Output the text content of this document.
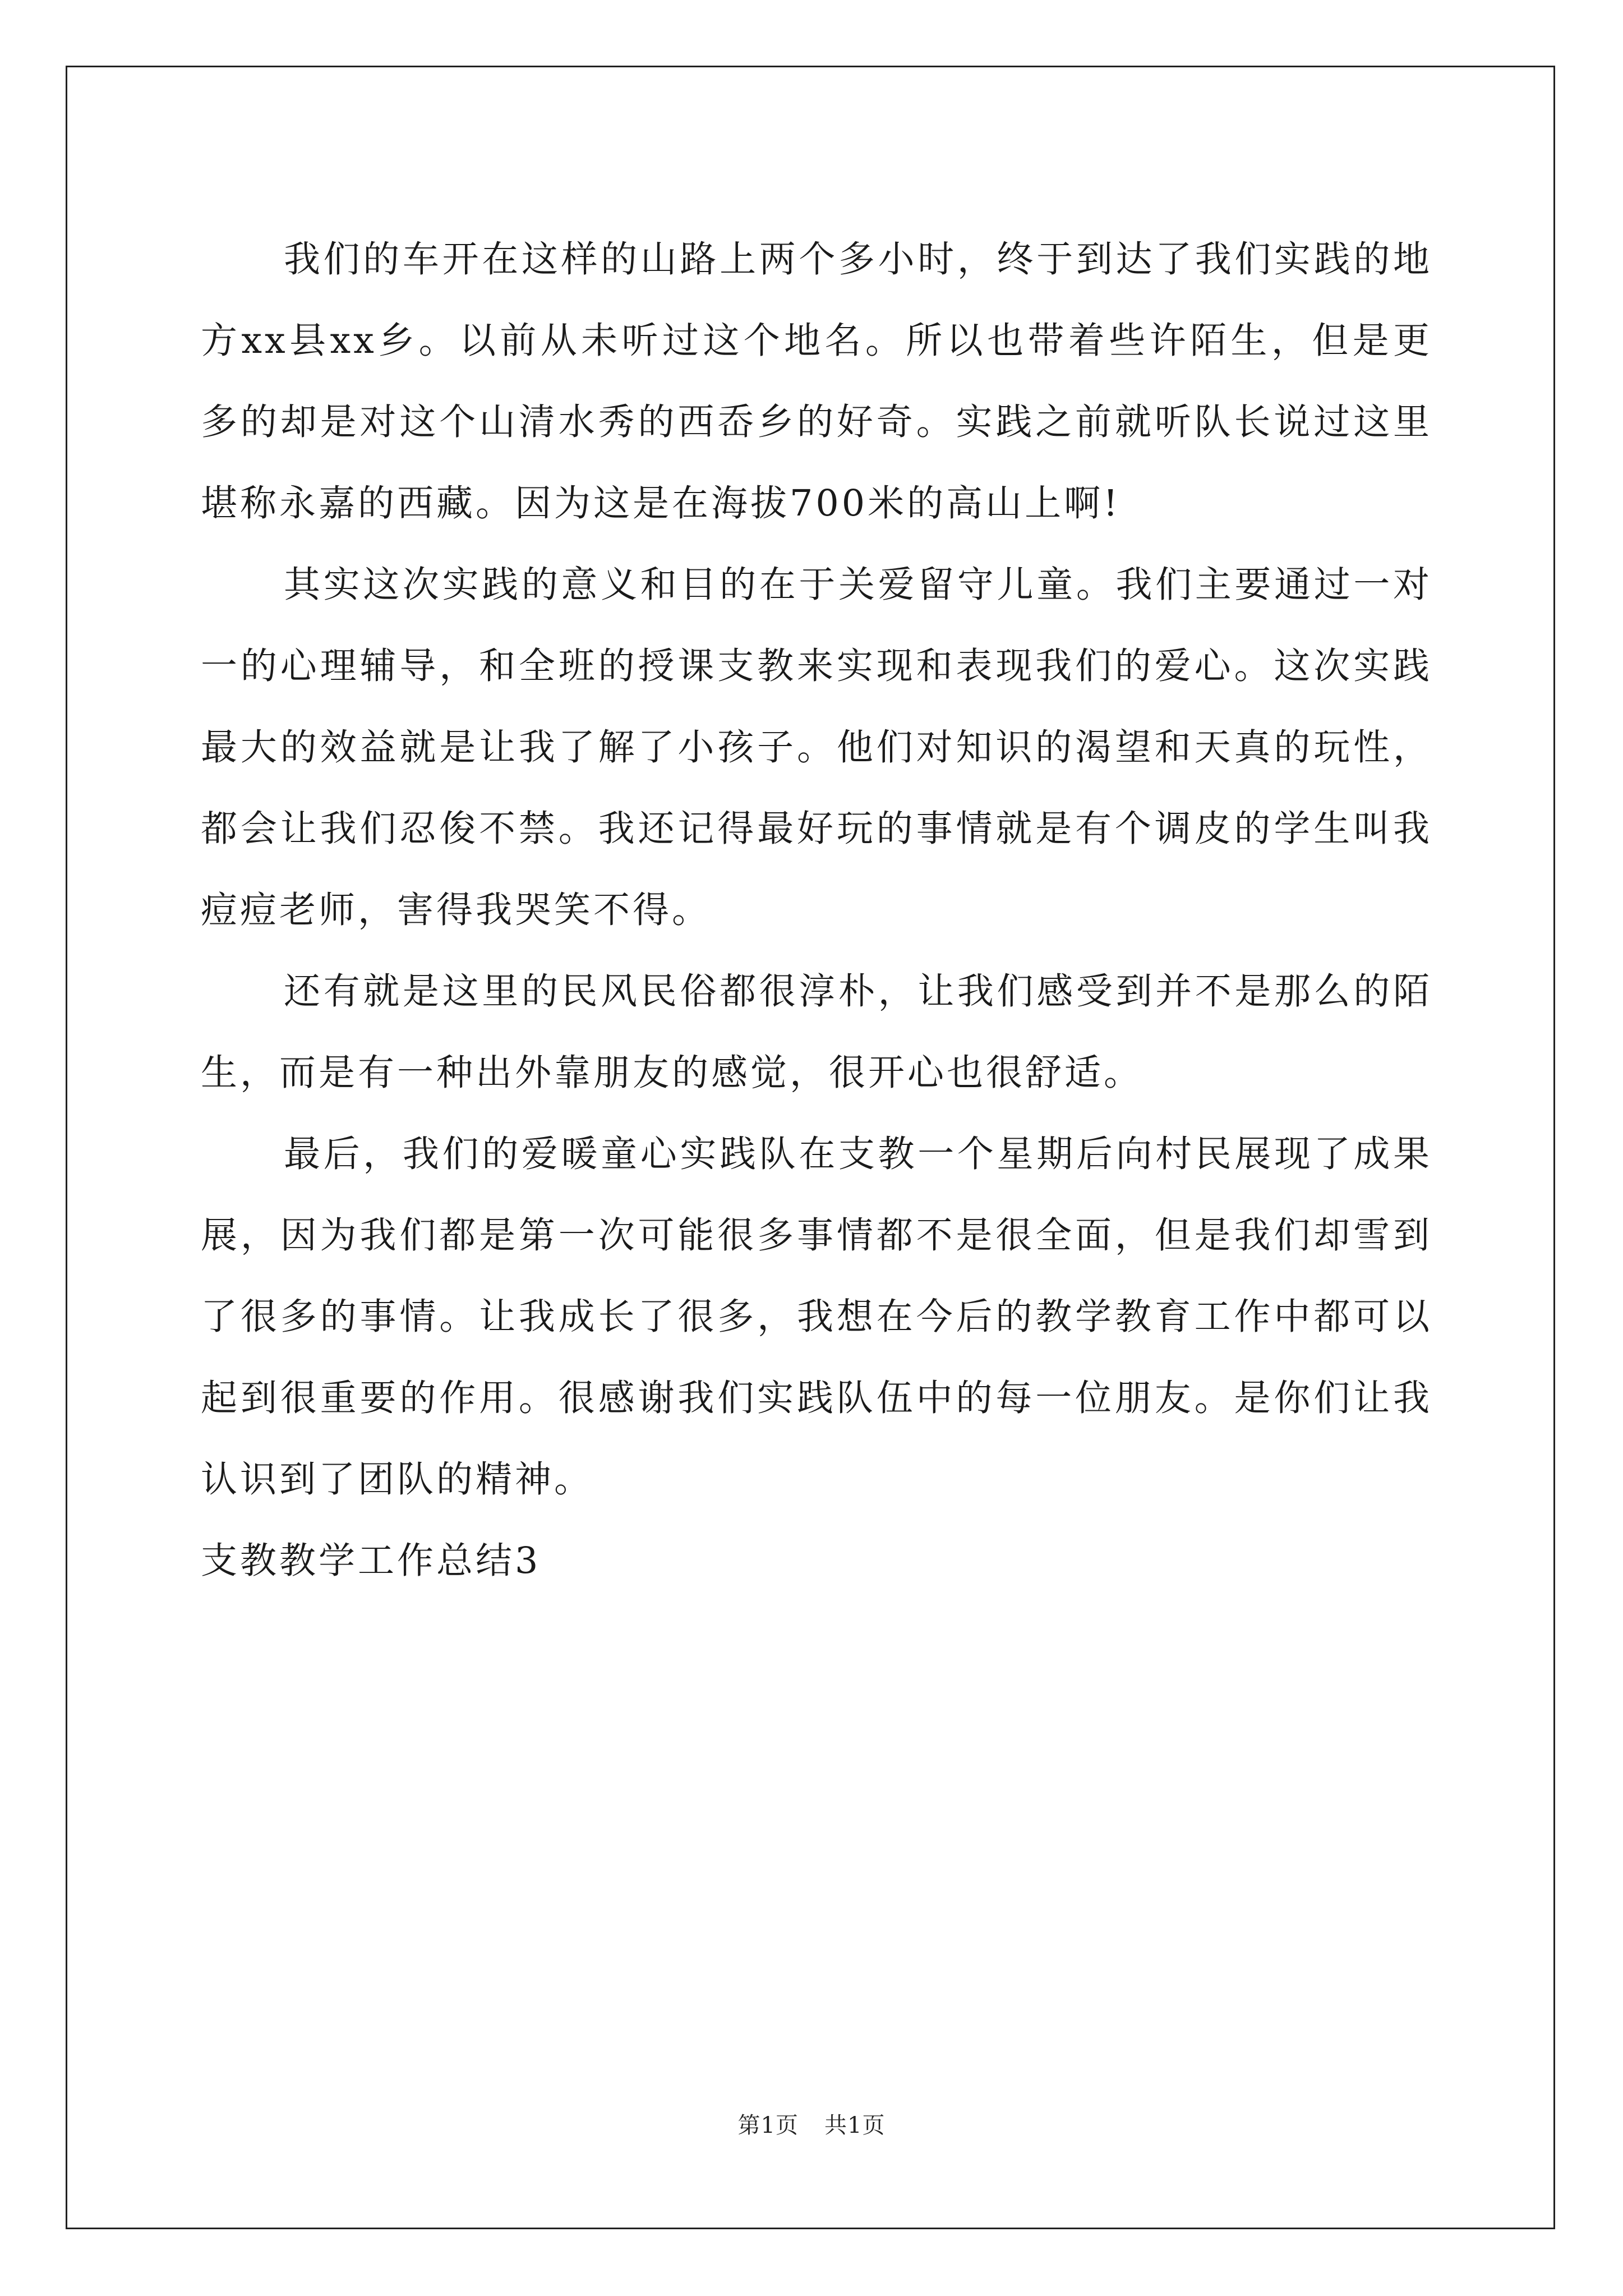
我们的车开在这样的山路上两个多小时，终于到达了我们实践的地方xx县xx乡。以前从未听过这个地名。所以也带着些许陌生，但是更多的却是对这个山清水秀的西岙乡的好奇。实践之前就听队长说过这里堪称永嘉的西藏。因为这是在海拔700米的高山上啊!

其实这次实践的意义和目的在于关爱留守儿童。我们主要通过一对一的心理辅导，和全班的授课支教来实现和表现我们的爱心。这次实践最大的效益就是让我了解了小孩子。他们对知识的渴望和天真的玩性，都会让我们忍俊不禁。我还记得最好玩的事情就是有个调皮的学生叫我痘痘老师，害得我哭笑不得。

还有就是这里的民风民俗都很淳朴，让我们感受到并不是那么的陌生，而是有一种出外靠朋友的感觉，很开心也很舒适。

最后，我们的爱暖童心实践队在支教一个星期后向村民展现了成果展，因为我们都是第一次可能很多事情都不是很全面，但是我们却雪到了很多的事情。让我成长了很多，我想在今后的教学教育工作中都可以起到很重要的作用。很感谢我们实践队伍中的每一位朋友。是你们让我认识到了团队的精神。

支教教学工作总结3

第1页 共1页
